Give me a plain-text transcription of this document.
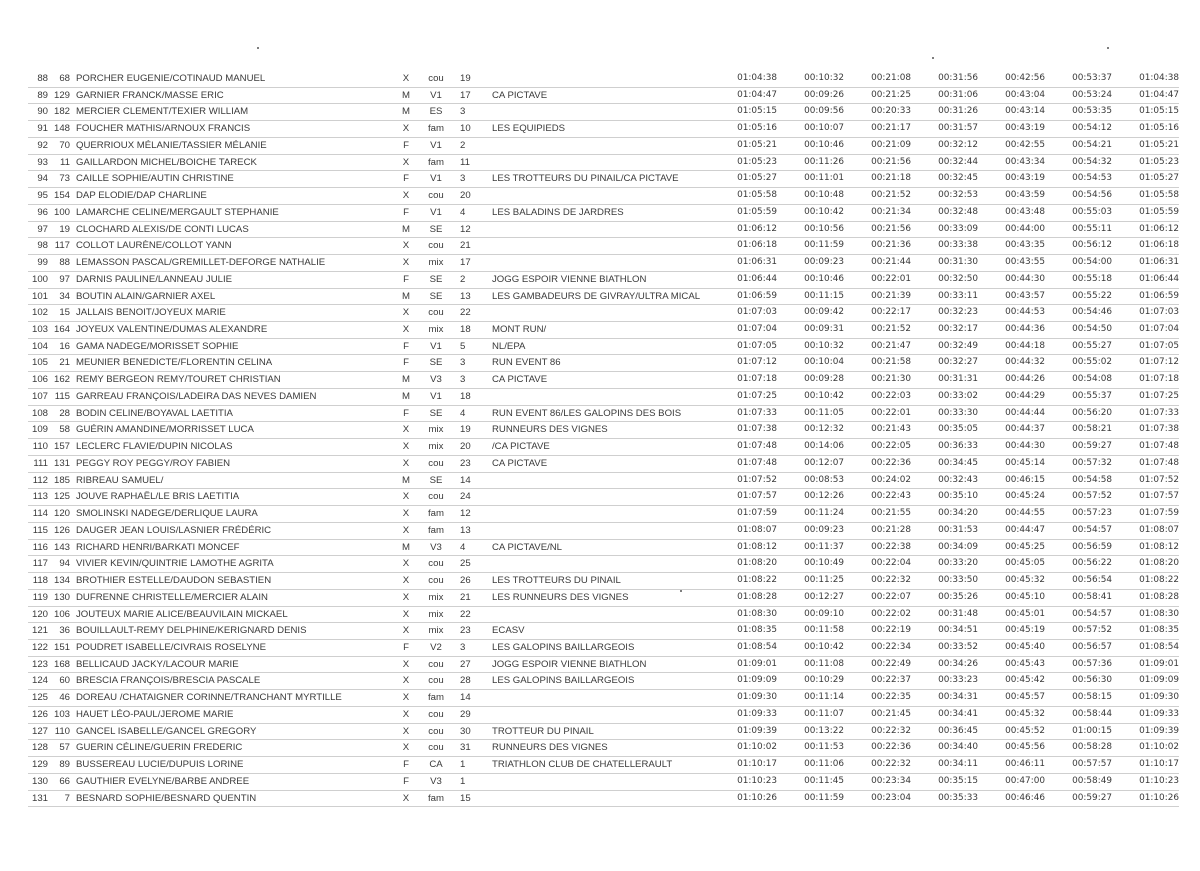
88	68	PORCHER EUGENIE/COTINAUD MANUEL	X	cou	19		01:04:38	00:10:32	00:21:08	00:31:56	00:42:56	00:53:37	01:04:38
89	129	GARNIER FRANCK/MASSE ERIC	M	V1	17	CA PICTAVE	01:04:47	00:09:26	00:21:25	00:31:06	00:43:04	00:53:24	01:04:47
90	182	MERCIER CLEMENT/TEXIER WILLIAM	M	ES	3		01:05:15	00:09:56	00:20:33	00:31:26	00:43:14	00:53:35	01:05:15
91	148	FOUCHER MATHIS/ARNOUX FRANCIS	X	fam	10	LES EQUIPIEDS	01:05:16	00:10:07	00:21:17	00:31:57	00:43:19	00:54:12	01:05:16
92	70	QUERRIOUX MÉLANIE/TASSIER MÉLANIE	F	V1	2		01:05:21	00:10:46	00:21:09	00:32:12	00:42:55	00:54:21	01:05:21
93	11	GAILLARDON MICHEL/BOICHE TARECK	X	fam	11		01:05:23	00:11:26	00:21:56	00:32:44	00:43:34	00:54:32	01:05:23
94	73	CAILLE SOPHIE/AUTIN CHRISTINE	F	V1	3	LES TROTTEURS DU PINAIL/CA PICTAVE	01:05:27	00:11:01	00:21:18	00:32:45	00:43:19	00:54:53	01:05:27
95	154	DAP ELODIE/DAP CHARLINE	X	cou	20		01:05:58	00:10:48	00:21:52	00:32:53	00:43:59	00:54:56	01:05:58
96	100	LAMARCHE CELINE/MERGAULT STEPHANIE	F	V1	4	LES BALADINS DE JARDRES	01:05:59	00:10:42	00:21:34	00:32:48	00:43:48	00:55:03	01:05:59
97	19	CLOCHARD ALEXIS/DE CONTI LUCAS	M	SE	12		01:06:12	00:10:56	00:21:56	00:33:09	00:44:00	00:55:11	01:06:12
98	117	COLLOT LAURÈNE/COLLOT YANN	X	cou	21		01:06:18	00:11:59	00:21:36	00:33:38	00:43:35	00:56:12	01:06:18
99	88	LEMASSON PASCAL/GREMILLET-DEFORGE NATHALIE	X	mix	17		01:06:31	00:09:23	00:21:44	00:31:30	00:43:55	00:54:00	01:06:31
100	97	DARNIS PAULINE/LANNEAU JULIE	F	SE	2	JOGG ESPOIR VIENNE BIATHLON	01:06:44	00:10:46	00:22:01	00:32:50	00:44:30	00:55:18	01:06:44
101	34	BOUTIN ALAIN/GARNIER AXEL	M	SE	13	LES GAMBADEURS DE GIVRAY/ULTRA MICAL	01:06:59	00:11:15	00:21:39	00:33:11	00:43:57	00:55:22	01:06:59
102	15	JALLAIS BENOIT/JOYEUX MARIE	X	cou	22		01:07:03	00:09:42	00:22:17	00:32:23	00:44:53	00:54:46	01:07:03
103	164	JOYEUX VALENTINE/DUMAS ALEXANDRE	X	mix	18	MONT RUN/	01:07:04	00:09:31	00:21:52	00:32:17	00:44:36	00:54:50	01:07:04
104	16	GAMA NADEGE/MORISSET SOPHIE	F	V1	5	NL/EPA	01:07:05	00:10:32	00:21:47	00:32:49	00:44:18	00:55:27	01:07:05
105	21	MEUNIER BENEDICTE/FLORENTIN CELINA	F	SE	3	RUN EVENT 86	01:07:12	00:10:04	00:21:58	00:32:27	00:44:32	00:55:02	01:07:12
106	162	REMY BERGEON REMY/TOURET CHRISTIAN	M	V3	3	CA PICTAVE	01:07:18	00:09:28	00:21:30	00:31:31	00:44:26	00:54:08	01:07:18
107	115	GARREAU FRANÇOIS/LADEIRA DAS NEVES DAMIEN	M	V1	18		01:07:25	00:10:42	00:22:03	00:33:02	00:44:29	00:55:37	01:07:25
108	28	BODIN CELINE/BOYAVAL LAETITIA	F	SE	4	RUN EVENT 86/LES GALOPINS DES BOIS	01:07:33	00:11:05	00:22:01	00:33:30	00:44:44	00:56:20	01:07:33
109	58	GUÉRIN AMANDINE/MORRISSET LUCA	X	mix	19	RUNNEURS DES VIGNES	01:07:38	00:12:32	00:21:43	00:35:05	00:44:37	00:58:21	01:07:38
110	157	LECLERC FLAVIE/DUPIN NICOLAS	X	mix	20	/CA PICTAVE	01:07:48	00:14:06	00:22:05	00:36:33	00:44:30	00:59:27	01:07:48
111	131	PEGGY ROY PEGGY/ROY FABIEN	X	cou	23	CA PICTAVE	01:07:48	00:12:07	00:22:36	00:34:45	00:45:14	00:57:32	01:07:48
112	185	RIBREAU SAMUEL/	M	SE	14		01:07:52	00:08:53	00:24:02	00:32:43	00:46:15	00:54:58	01:07:52
113	125	JOUVE RAPHAËL/LE BRIS LAETITIA	X	cou	24		01:07:57	00:12:26	00:22:43	00:35:10	00:45:24	00:57:52	01:07:57
114	120	SMOLINSKI NADEGE/DERLIQUE LAURA	X	fam	12		01:07:59	00:11:24	00:21:55	00:34:20	00:44:55	00:57:23	01:07:59
115	126	DAUGER JEAN LOUIS/LASNIER FRÉDÉRIC	X	fam	13		01:08:07	00:09:23	00:21:28	00:31:53	00:44:47	00:54:57	01:08:07
116	143	RICHARD HENRI/BARKATI MONCEF	M	V3	4	CA PICTAVE/NL	01:08:12	00:11:37	00:22:38	00:34:09	00:45:25	00:56:59	01:08:12
117	94	VIVIER KEVIN/QUINTRIE LAMOTHE AGRITA	X	cou	25		01:08:20	00:10:49	00:22:04	00:33:20	00:45:05	00:56:22	01:08:20
118	134	BROTHIER ESTELLE/DAUDON SEBASTIEN	X	cou	26	LES TROTTEURS DU PINAIL	01:08:22	00:11:25	00:22:32	00:33:50	00:45:32	00:56:54	01:08:22
119	130	DUFRENNE CHRISTELLE/MERCIER ALAIN	X	mix	21	LES RUNNEURS DES VIGNES	01:08:28	00:12:27	00:22:07	00:35:26	00:45:10	00:58:41	01:08:28
120	106	JOUTEUX MARIE ALICE/BEAUVILAIN MICKAEL	X	mix	22		01:08:30	00:09:10	00:22:02	00:31:48	00:45:01	00:54:57	01:08:30
121	36	BOUILLAULT-REMY DELPHINE/KERIGNARD DENIS	X	mix	23	ECASV	01:08:35	00:11:58	00:22:19	00:34:51	00:45:19	00:57:52	01:08:35
122	151	POUDRET ISABELLE/CIVRAIS ROSELYNE	F	V2	3	LES GALOPINS BAILLARGEOIS	01:08:54	00:10:42	00:22:34	00:33:52	00:45:40	00:56:57	01:08:54
123	168	BELLICAUD JACKY/LACOUR MARIE	X	cou	27	JOGG ESPOIR VIENNE BIATHLON	01:09:01	00:11:08	00:22:49	00:34:26	00:45:43	00:57:36	01:09:01
124	60	BRESCIA FRANÇOIS/BRESCIA PASCALE	X	cou	28	LES GALOPINS BAILLARGEOIS	01:09:09	00:10:29	00:22:37	00:33:23	00:45:42	00:56:30	01:09:09
125	46	DOREAU /CHATAIGNER CORINNE/TRANCHANT MYRTILLE	X	fam	14		01:09:30	00:11:14	00:22:35	00:34:31	00:45:57	00:58:15	01:09:30
126	103	HAUET LÉO-PAUL/JEROME MARIE	X	cou	29		01:09:33	00:11:07	00:21:45	00:34:41	00:45:32	00:58:44	01:09:33
127	110	GANCEL ISABELLE/GANCEL GREGORY	X	cou	30	TROTTEUR DU PINAIL	01:09:39	00:13:22	00:22:32	00:36:45	00:45:52	01:00:15	01:09:39
128	57	GUERIN CÉLINE/GUERIN FREDERIC	X	cou	31	RUNNEURS DES VIGNES	01:10:02	00:11:53	00:22:36	00:34:40	00:45:56	00:58:28	01:10:02
129	89	BUSSEREAU LUCIE/DUPUIS LORINE	F	CA	1	TRIATHLON CLUB DE CHATELLERAULT	01:10:17	00:11:06	00:22:32	00:34:11	00:46:11	00:57:57	01:10:17
130	66	GAUTHIER EVELYNE/BARBE ANDREE	F	V3	1		01:10:23	00:11:45	00:23:34	00:35:15	00:47:00	00:58:49	01:10:23
131	7	BESNARD SOPHIE/BESNARD QUENTIN	X	fam	15		01:10:26	00:11:59	00:23:04	00:35:33	00:46:46	00:59:27	01:10:26
